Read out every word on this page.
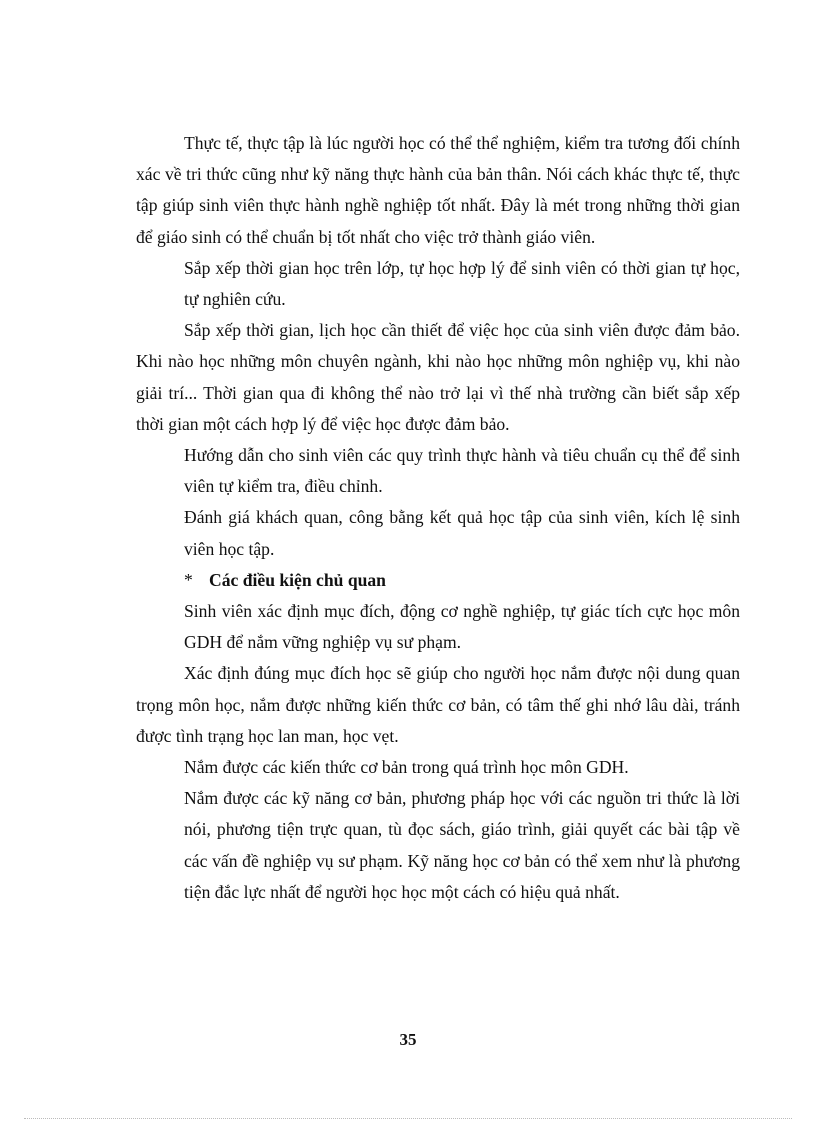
Thực tế, thực tập là lúc người học có thể thể nghiệm, kiểm tra tương đối chính xác về tri thức cũng như kỹ năng thực hành của bản thân. Nói cách khác thực tế, thực tập giúp sinh viên thực hành nghề nghiệp tốt nhất. Đây là mét trong những thời gian để giáo sinh có thể chuẩn bị tốt nhất cho việc trở thành giáo viên.

Sắp xếp thời gian học trên lớp, tự học hợp lý để sinh viên có thời gian tự học, tự nghiên cứu.

Sắp xếp thời gian, lịch học cần thiết để việc học của sinh viên được đảm bảo. Khi nào học những môn chuyên ngành, khi nào học những môn nghiệp vụ, khi nào giải trí... Thời gian qua đi không thể nào trở lại vì thế nhà trường cần biết sắp xếp thời gian một cách hợp lý để việc học được đảm bảo.

Hướng dẫn cho sinh viên các quy trình thực hành và tiêu chuẩn cụ thể để sinh viên tự kiểm tra, điều chỉnh.

Đánh giá khách quan, công bằng kết quả học tập của sinh viên, kích lệ sinh viên học tập.

* Các điều kiện chủ quan

Sinh viên xác định mục đích, động cơ nghề nghiệp, tự giác tích cực học môn GDH để nắm vững nghiệp vụ sư phạm.

Xác định đúng mục đích học sẽ giúp cho người học nắm được nội dung quan trọng môn học, nắm được những kiến thức cơ bản, có tâm thế ghi nhớ lâu dài, tránh được tình trạng học lan man, học vẹt.

Nắm được các kiến thức cơ bản trong quá trình học môn GDH.

Nắm được các kỹ năng cơ bản, phương pháp học với các nguồn tri thức là lời nói, phương tiện trực quan, tù đọc sách, giáo trình, giải quyết các bài tập về các vấn đề nghiệp vụ sư phạm. Kỹ năng học cơ bản có thể xem như là phương tiện đắc lực nhất để người học học một cách có hiệu quả nhất.

35
